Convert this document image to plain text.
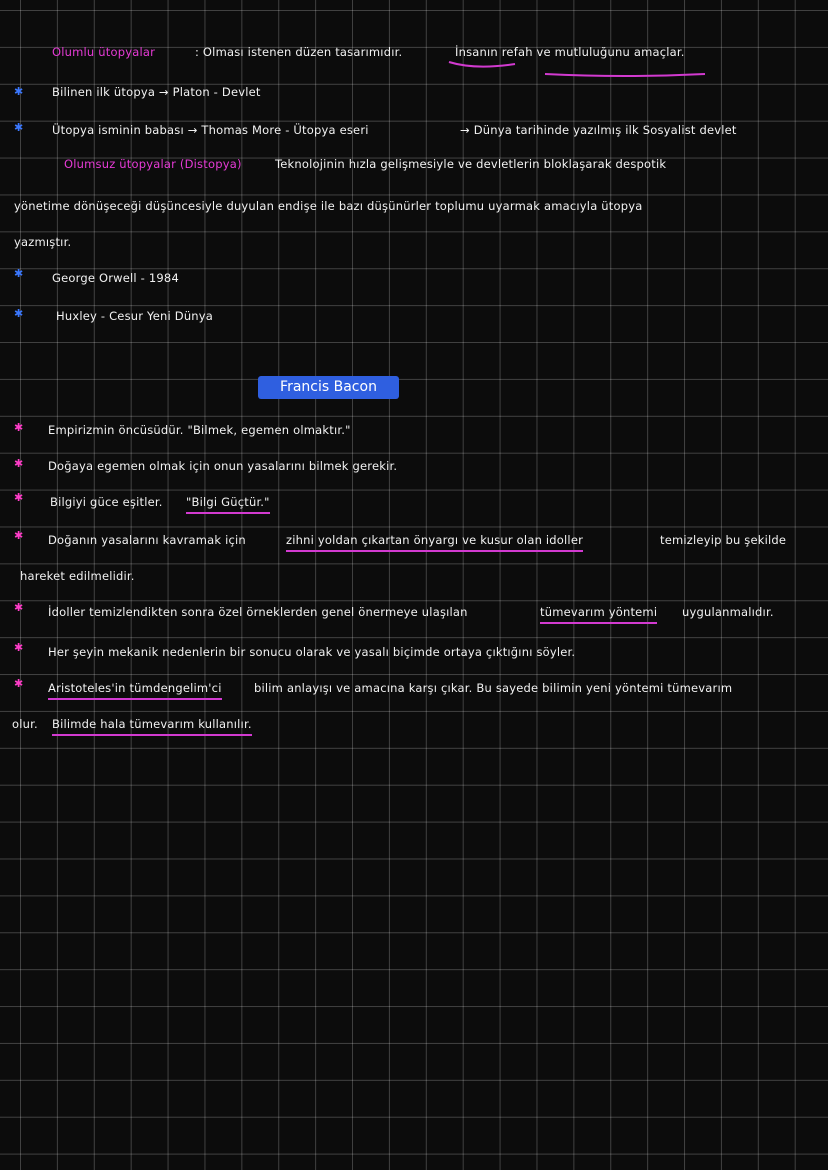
Olumlu ütopyalar	: Olması istenen düzen tasarımıdır.	İnsanın refah ve mutluluğunu amaçlar.
✱	Bilinen ilk ütopya → Platon - Devlet
✱	Ütopya isminin babası → Thomas More - Ütopya eseri	→ Dünya tarihinde yazılmış ilk Sosyalist devlet
Olumsuz ütopyalar (Distopya)	Teknolojinin hızla gelişmesiyle ve devletlerin bloklaşarak despotik
yönetime dönüşeceği düşüncesiyle duyulan endişe ile bazı düşünürler toplumu uyarmak amacıyla ütopya
yazmıştır.
✱	George Orwell - 1984
✱	Huxley - Cesur Yeni Dünya
Francis Bacon
✱ Empirizmin öncüsüdür. "Bilmek, egemen olmaktır."
✱ Doğaya egemen olmak için onun yasalarını bilmek gerekir.
✱ Bilgiyi güce eşitler. "Bilgi Güçtür."
✱ Doğanın yasalarını kavramak için	zihni yoldan çıkartan önyargı ve kusur olan idoller	temizleyip bu şekilde
hareket edilmelidir.
✱ İdoller temizlendikten sonra özel örneklerden genel önermeye ulaşılan	tümevarım yöntemi uygulanmalıdır.
✱ Her şeyin mekanik nedenlerin bir sonucu olarak ve yasalı biçimde ortaya çıktığını söyler.
✱ Aristoteles'in tümdengelim'ci	bilim anlayışı ve amacına karşı çıkar. Bu sayede bilimin yeni yöntemi tümevarım
olur. Bilimde hala tümevarım kullanılır.
